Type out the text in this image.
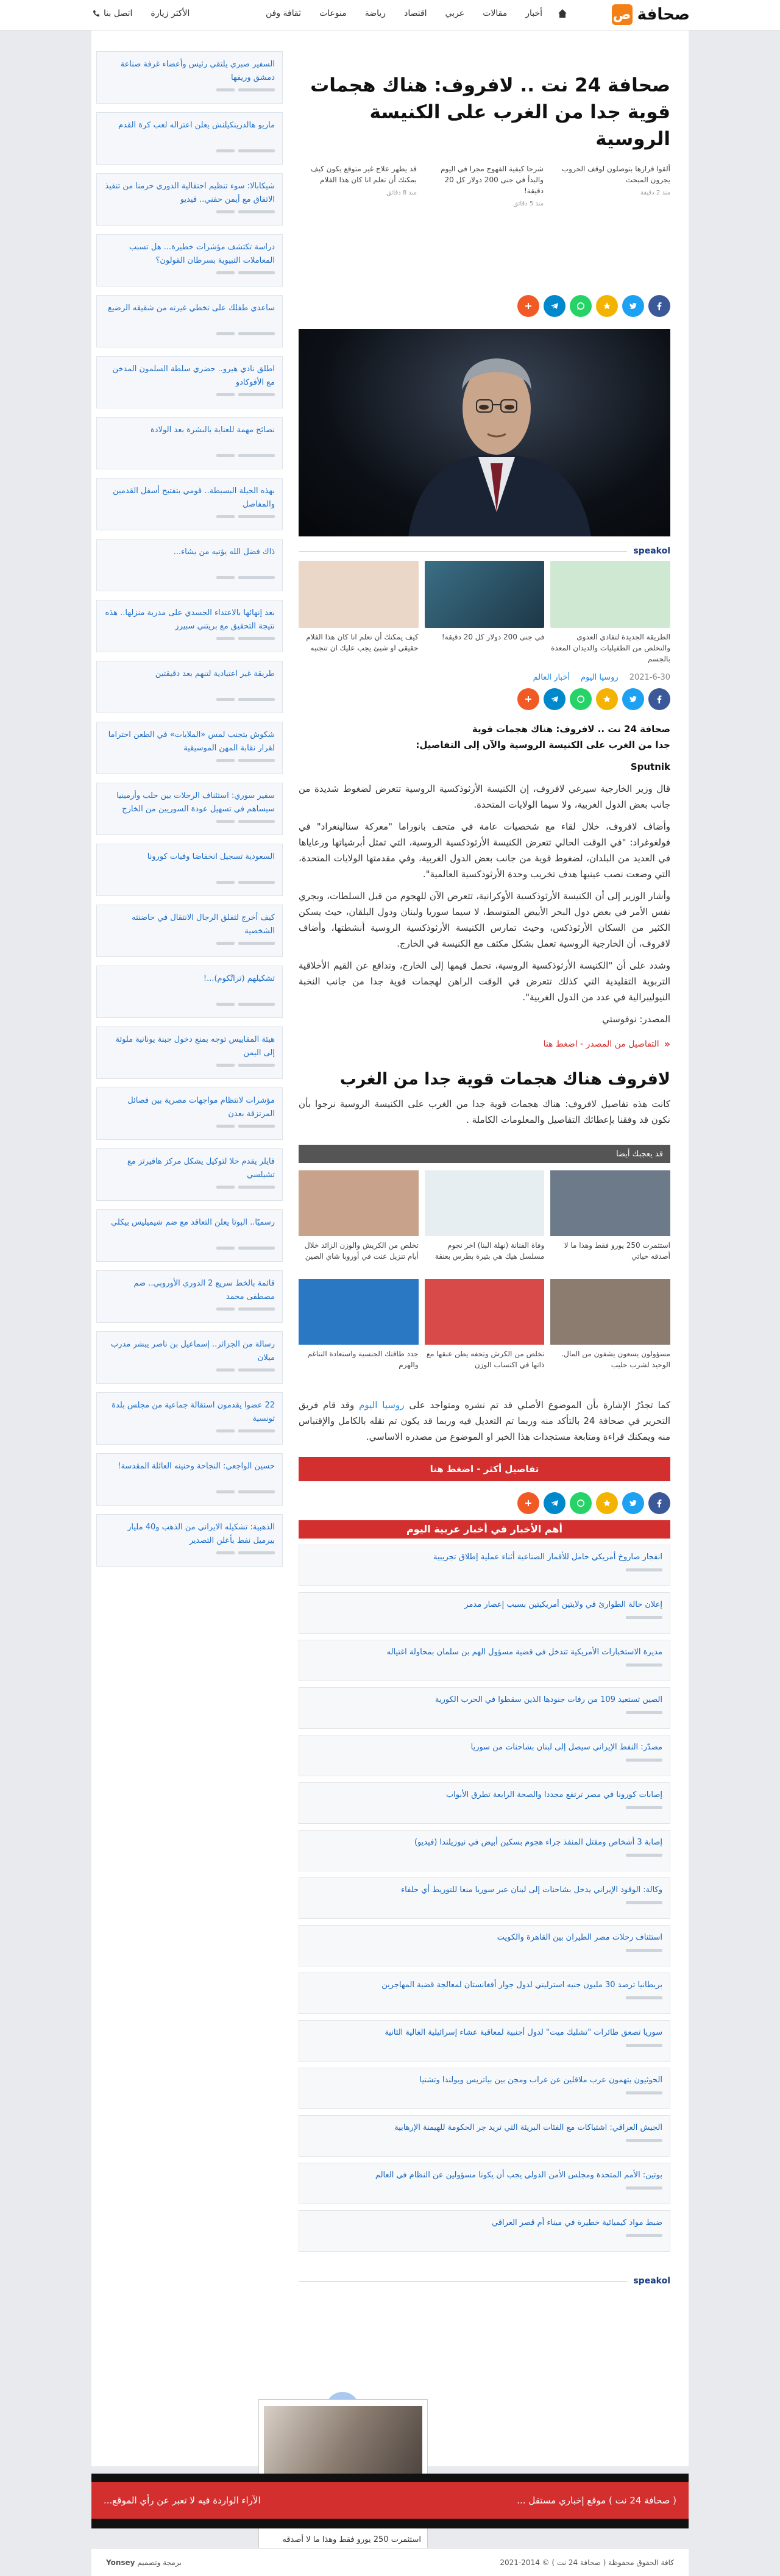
صحافة
ص
أخبار
مقالات
عربي
اقتصاد
رياضة
منوعات
ثقافة وفن
الأكثر زيارة
اتصل بنا
صحافة 24 نت .. لافروف: هناك هجمات قوية جدا من الغرب على الكنيسة الروسية
ألقوا قرارها بتوصلون لوقف الحروب يجرون المبحث
منذ 2 دقيقة
شرحا كيفية الفهوج مجرا في اليوم والبدأ في جنى 200 دولار كل 20 دقيقة!
منذ 5 دقائق
قد يظهر علاج غير متوقع يكون كيف بمكنك أن تعلم انا كان هذا الفلام
منذ 8 دقائق
speakol
الطريقة الجديدة لتفادي العدوى والتخلص من الطفيليات والديدان المعدة بالجسم
في جنى 200 دولار كل 20 دقيقة!
كيف يمكنك أن تعلم انا كان هذا الفلام حقيقي او شيئ يجب عليك ان تتجنبه
2021-6-30
روسيا اليوم
أخبار العالم

صحافة 24 نت .. لافروف: هناك هجمات قوية

جدا من الغرب على الكنيسة الروسية والآن إلى التفاصيل:

Sputnik

قال وزير الخارجية سيرغي لافروف، إن الكنيسة الأرثوذكسية الروسية تتعرض لضغوط شديدة من جانب بعض الدول الغربية، ولا سيما الولايات المتحدة.

وأضاف لافروف، خلال لقاء مع شخصيات عامة في متحف بانوراما "معركة ستالينغراد" في فولغوغراد: "في الوقت الحالي تتعرض الكنيسة الأرثوذكسية الروسية، التي تمثل أبرشياتها ورعاياها في العديد من البلدان، لضغوط قوية من جانب بعض الدول الغربية، وفي مقدمتها الولايات المتحدة، التي وضعت نصب عينيها هدف تخريب وحدة الأرثوذكسية العالمية".

وأشار الوزير إلى أن الكنيسة الأرثوذكسية الأوكرانية، تتعرض الآن للهجوم من قبل السلطات، ويجري نفس الأمر في بعض دول البحر الأبيض المتوسط، لا سيما سوريا ولبنان ودول البلقان، حيث يسكن الكثير من السكان الأرثوذكس، وحيث تمارس الكنيسة الأرثوذكسية الروسية أنشطتها، وأضاف لافروف، أن الخارجية الروسية تعمل بشكل مكثف مع الكنيسة في الخارج.

وشدد على أن "الكنيسة الأرثوذكسية الروسية، تحمل قيمها إلى الخارج، وتدافع عن القيم الأخلاقية التربوية التقليدية التي كذلك تتعرض في الوقت الراهن لهجمات قوية جدا من جانب النخبة النيوليبرالية في عدد من الدول الغربية".

المصدر: نوفوستي

«
التفاصيل من المصدر - اضغط هنا
لافروف هناك هجمات قوية جدا من الغرب

كانت هذه تفاصيل لافروف: هناك هجمات قوية جدا من الغرب على الكنيسة الروسية نرجوا بأن نكون قد وفقنا بإعطائك التفاصيل والمعلومات الكاملة .

قد يعجبك أيضا
استثمرت 250 يورو فقط وهذا ما لا أصدقه حياتي
وفاة الفنانة (نهلة البنا) اخر نجوم مسلسل هيك هي بثيرة بطرس بعنقة
تخلص من الكريش والوزن الزائد خلال أيام تنزيل عنت في أوروبا شاي الصين
مسؤولون يسعون يشفون من المال. الوحيد لشرب حليب
تخلص من الكرش وتحفه يطن عنقها مع ذاتها في اكتساب الوزن
جدد طاقتك الجنسية واستعادة التناغم والهرم

كما تجدُرُ الإشارة بأن الموضوع الأصلي قد تم نشره ومتواجد على روسيا اليوم وقد قام فريق التحرير في صحافة 24 بالتأكد منه وربما تم التعديل فيه وربما قد يكون تم نقله بالكامل والإقتباس منه ويمكنك قراءة ومتابعة مستجدات هذا الخبر او الموضوع من مصدره الاساسي.

تفاصيل أكثر - اضغط هنا
أهم الأخبار في أخبار عربية اليوم
انفجار صاروخ أمريكي حامل للأقمار الصناعية أثناء عملية إطلاق تجريبية
إعلان حالة الطوارئ في ولايتين أمريكيتين بسبب إعصار مدمر
مديرة الاستخبارات الأمريكية تتدخل في قضية مسؤول الهم بن سلمان بمحاولة اغتياله
الصين تستعيد 109 من رفات جنودها الذين سقطوا في الحرب الكورية
مصدّر: النفط الإيراني سيصل إلى لبنان بشاحنات من سوريا
إصابات كورونا في مصر ترتفع مجددا والصحة الرابعة تطرق الأبواب
إصابة 3 أشخاص ومقتل المنفذ جراء هجوم بسكين أبيض في نيوزيلندا (فيديو)
وكالة: الوقود الإيراني يدخل بشاحنات إلى لبنان عبر سوريا منعا للتوريط أي حلفاء
استئناف رحلات مصر الطيران بين القاهرة والكويت
بريطانيا ترصد 30 مليون جنيه استرليني لدول جوار أفغانستان لمعالجة قضية المهاجرين
سوريا تصعق طائرات "تشليك ميت" لدول أجنبية لمعاقبة عشاء إسرائيلية الغالية الثانية
الحوثيون يتهمون عرب ملاقلين عن غراب ومجن بين بياتريس وبولندا وتشنيا
الجيش العراقي: اشتباكات مع الفئات البريئة التي تريد جر الحكومة للهيمنة الإرهابية
بوتين: الأمم المتحدة ومجلس الأمن الدولي يجب أن يكونا مسؤولين عن النظام في العالم
ضبط مواد كيميائية خطيرة في ميناء أم قصر العراقي
speakol
السفير صبري يلتقي رئيس وأعضاء غرفة صناعة دمشق وريفها
ماريو هالدرينكيلنش يعلن اعتزاله لعب كرة القدم
شيكابالا: سوء تنظيم احتفالية الدوري حرمنا من تنفيذ الاتفاق مع أيمن حفني.. فيديو
دراسة تكتشف مؤشرات خطيرة... هل تسبب المعاملات التبيوية بسرطان القولون؟
ساعدي طفلك على تخطي غيرته من شقيقه الرضيع
اطلق نادي هيرو.. حضري سلطة السلمون المدخن مع الأفوكادو
نصائح مهمة للعناية بالبشرة بعد الولادة
بهذه الحيلة البسيطة.. قومي بتفتيح أسفل القدمين والمفاصل
ذاك فضل الله يؤتيه من يشاء...
بعد إنهائها بالاعتداء الجسدي على مدربة منزلها.. هذه نتيجة التحقيق مع بريتني سبيرز
طريقة غير اعتيادية لتنهم بعد دقيقتين
شكوش يتجنب لمس «الملايات» في الطعن احتراما لقرار نقابة المهن الموسيقية
سفير سوري: استئناف الرحلات بين حلب وأرمينيا سيساهم في تسهيل عودة السوريين من الخارج
السعودية تسجيل انخفاضا وفيات كورونا
كيف أخرج لتفلق الرجال الانتقال في حاضنته الشخصية
تشكيلهم (تراتْكوم)...!
هيئة المقاييس توجه بمنع دخول جبنة يونانية ملوثة إلى اليمن
مؤشرات لانتظام مواجهات مصرية بين فصائل المرتزقة بعدن
فايلر يقدم حلا لتوكيل يشكل مركز هافيرتز مع تشيلسي
رسميًا.. البوتا يعلن التعاقد مع ضم شيميليس بيكلي
قائمة بالخط سريع 2 الدوري الأوروبي.. ضم مصطفى محمد
رسالة من الجزائر.. إسماعيل بن ناصر يبشر مدرب ميلان
22 عضوا يقدمون استقالة جماعية من مجلس بلدة تونسية
حسين الواجعي: النجاحة وحنينه العائلة المقدسة!
الذهبية: تشكيله الايراني من الذهب و40 مليار بيرميل نفط بأعلن التصدير
استثمرت 250 يورو فقط وهذا ما لا أصدقه
( صحافة 24 نت ) موقع إخباري مستقل ...
الآراء الواردة فيه لا تعبر عن رأي الموقع...
كافة الحقوق محفوظة ( صحافة 24 نت ) © 2014-2021
برمجة وتصميم Yonsey
